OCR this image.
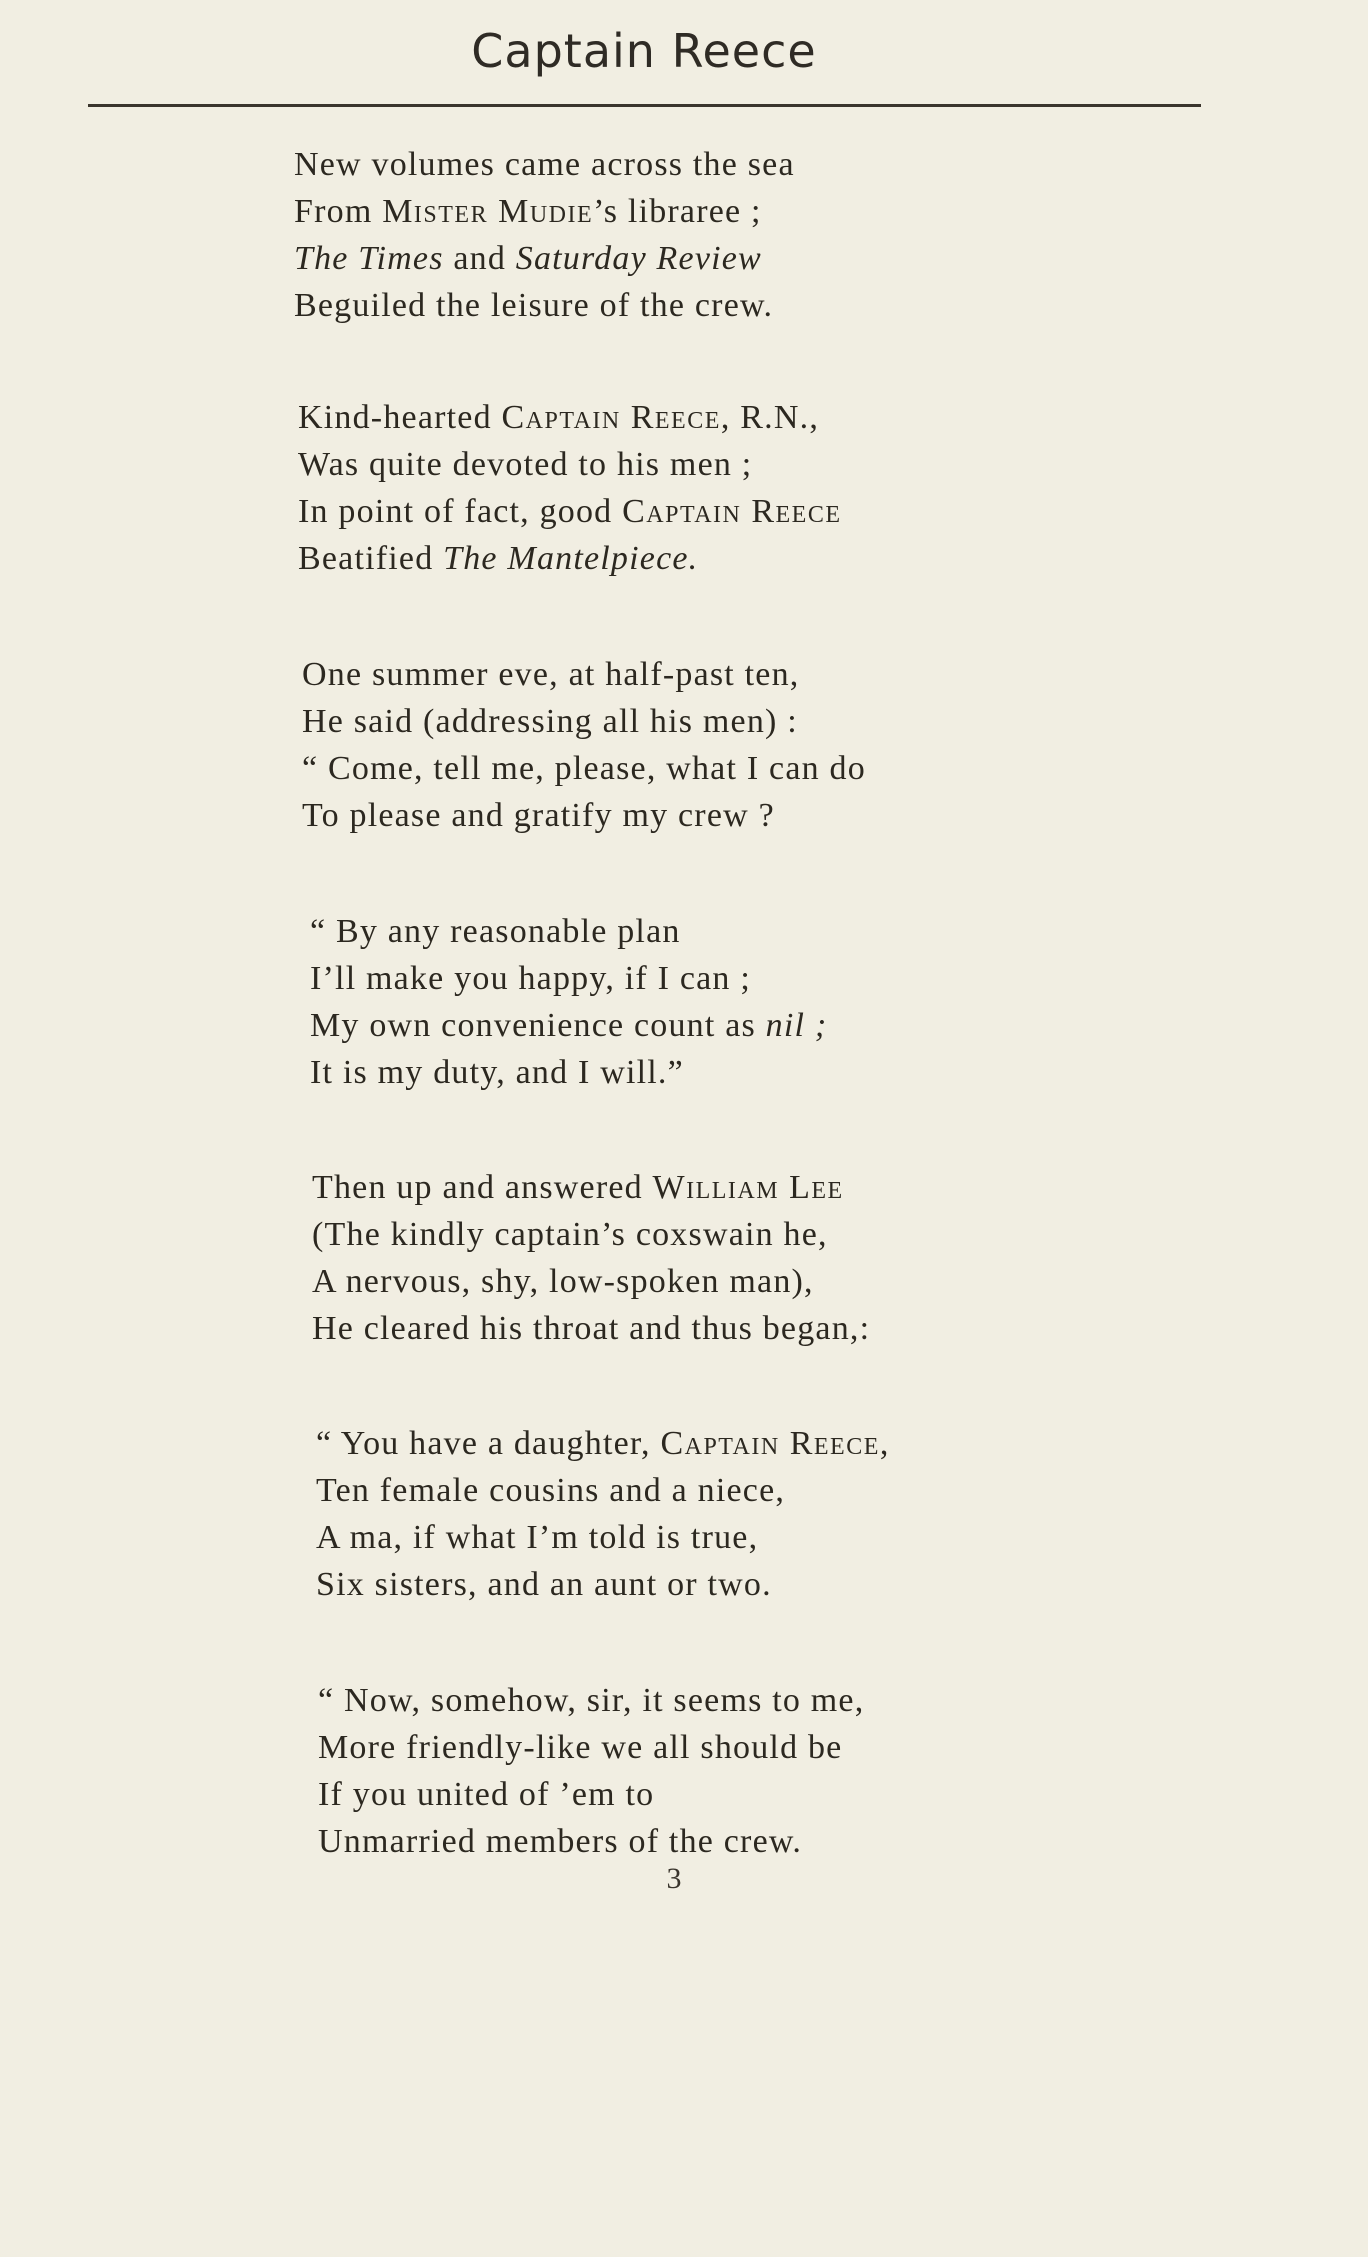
Captain Reece
New volumes came across the sea
From Mister Mudie’s libraree ;
The Times and Saturday Review
Beguiled the leisure of the crew.
Kind-hearted Captain Reece, R.N.,
Was quite devoted to his men ;
In point of fact, good Captain Reece
Beatified The Mantelpiece.
One summer eve, at half-past ten,
He said (addressing all his men) :
“ Come, tell me, please, what I can do
To please and gratify my crew ?
“ By any reasonable plan
I’ll make you happy, if I can ;
My own convenience count as nil ;
It is my duty, and I will.”
Then up and answered William Lee
(The kindly captain’s coxswain he,
A nervous, shy, low-spoken man),
He cleared his throat and thus began,:
“ You have a daughter, Captain Reece,
Ten female cousins and a niece,
A ma, if what I’m told is true,
Six sisters, and an aunt or two.
“ Now, somehow, sir, it seems to me,
More friendly-like we all should be
If you united of ’em to
Unmarried members of the crew.
3
